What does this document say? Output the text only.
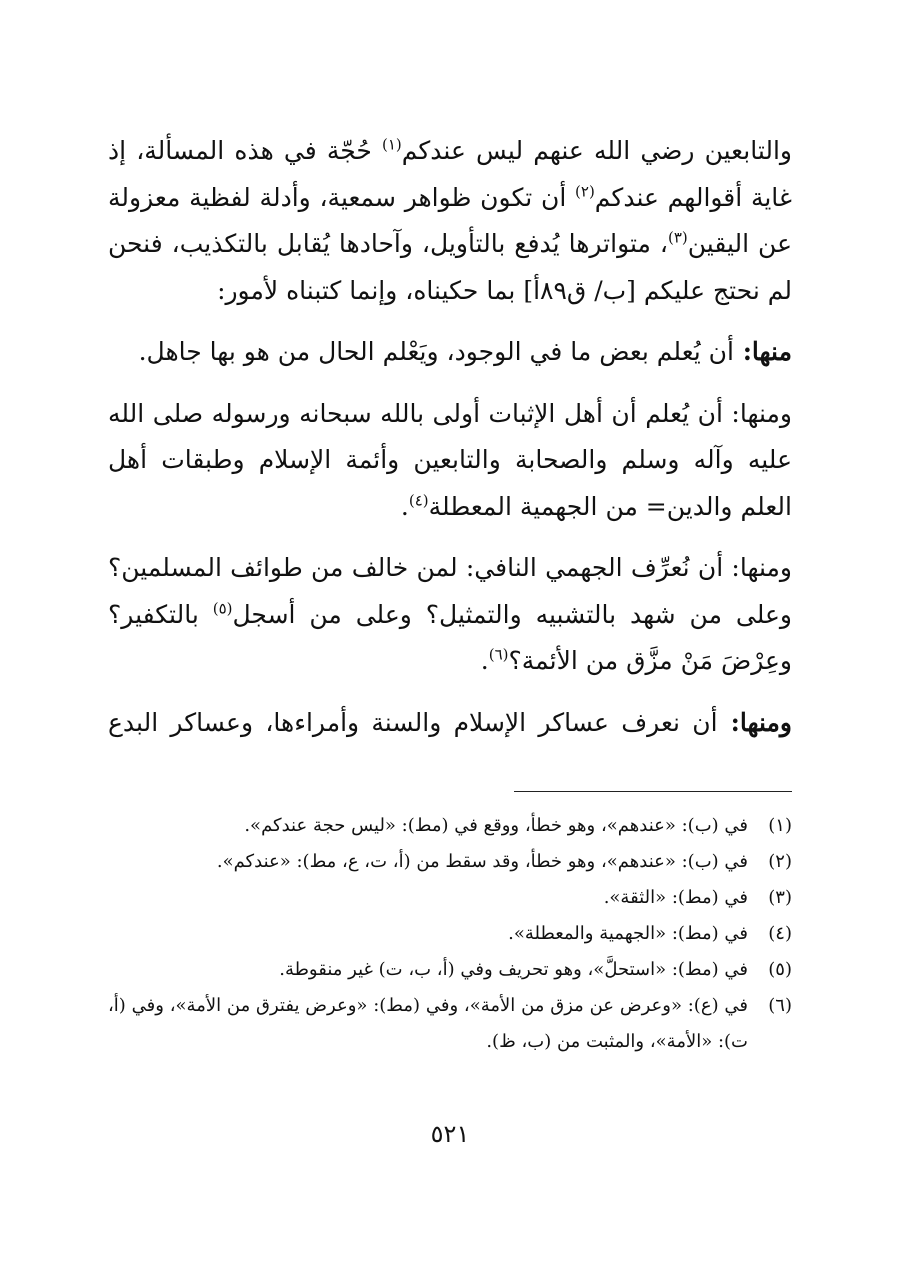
والتابعين رضي الله عنهم ليس عندكم$^{(١)}$ حُجّة في هذه المسألة، إذ غاية أقوالهم عندكم$^{(٢)}$ أن تكون ظواهر سمعية، وأدلة لفظية معزولة عن اليقين$^{(٣)}$، متواترها يُدفع بالتأويل، وآحادها يُقابل بالتكذيب، فنحن لم نحتج عليكم [ب/ ق٨٩أ] بما حكيناه، وإنما كتبناه لأمور:

منها: أن يُعلم بعض ما في الوجود، ويَعْلم الحال من هو بها جاهل.

ومنها: أن يُعلم أن أهل الإثبات أولى بالله سبحانه ورسوله صلى الله عليه وآله وسلم والصحابة والتابعين وأئمة الإسلام وطبقات أهل العلم والدين= من الجهمية المعطلة$^{(٤)}$.

ومنها: أن نُعرِّف الجهمي النافي: لمن خالف من طوائف المسلمين؟ وعلى من شهد بالتشبيه والتمثيل؟ وعلى من أسجل$^{(٥)}$ بالتكفير؟ وعِرْضَ مَنْ مزَّق من الأئمة؟$^{(٦)}$.

ومنها: أن نعرف عساكر الإسلام والسنة وأمراءها، وعساكر البدع

(١)
في (ب): «عندهم»، وهو خطأ، ووقع في (مط): «ليس حجة عندكم».
(٢)
في (ب): «عندهم»، وهو خطأ، وقد سقط من (أ، ت، ع، مط): «عندكم».
(٣)
في (مط): «الثقة».
(٤)
في (مط): «الجهمية والمعطلة».
(٥)
في (مط): «استحلَّ»، وهو تحريف وفي (أ، ب، ت) غير منقوطة.
(٦)
في (ع): «وعرض عن مزق من الأمة»، وفي (مط): «وعرض يفترق من الأمة»، وفي (أ، ت): «الأمة»، والمثبت من (ب، ظ).
٥٢١
